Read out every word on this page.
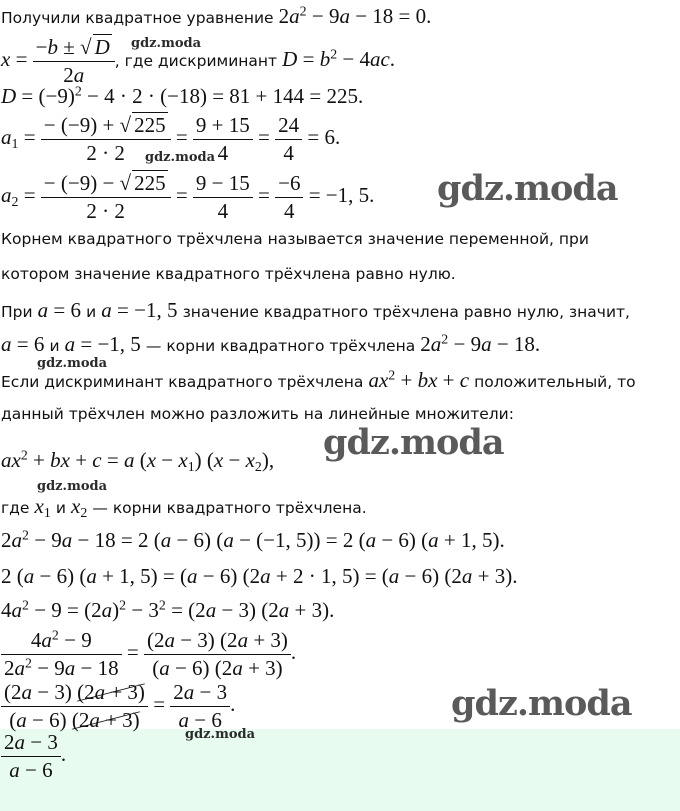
Получили квадратное уравнение $2a^2 - 9a - 18 = 0$.
$x = \frac{-b \pm √ D}{2a}$ , где дискриминант $D = b^2 - 4ac$.
$D = (-9)^2 - 4 \cdot 2 \cdot (-18) = 81 + 144 = 225$.
$a_1 = \frac{- (-9) + √ 225}{2 \cdot 2} = \frac{9 + 15}{4} = \frac{24}{4} = 6$.
$a_2 = \frac{- (-9) - √ 225}{2 \cdot 2} = \frac{9 - 15}{4} = \frac{-6}{4} = -1$, 5.
Корнем квадратного трёхчлена называется значение переменной, при
котором значение квадратного трёхчлена равно нулю.
При a = 6 и a = −1, 5 значение квадратного трёхчлена равно нулю, значит,
a = 6 и a = −1, 5 — корни квадратного трёхчлена $2a^2 - 9a - 18$.
Если дискриминант квадратного трёхчлена $ax^2$ + bx + c положительный, то
данный трёхчлен можно разложить на линейные множители:
$ax^2$ + bx + c = a $(x - x_1)$ $(x - x_2)$,
где $x_1$ и $x_2$ — корни квадратного трёхчлена.
$2a^2 - 9a - 18 = 2$ (a − 6) (a − (−1, 5)) = 2 (a − 6) (a + 1, 5).
2 (a − 6) (a + 1, 5) = (a − 6) (2a + 2 · 1, 5) = (a − 6) (2a + 3).
$4a^2 - 9 = (2a)^2 - 3^2 = (2a - 3) (2a + 3)$.
$\frac{4a^2 - 9}{2a^2 - 9a - 18} = \frac{(2a - 3) (2a + 3)}{(a - 6) (2a + 3)}$ .
$\frac{(2a - 3) (2a + 3)}{(a - 6) (2a + 3)} = \frac{2a - 3}{a - 6}$ .
$\frac{2a - 3}{a - 6}$ .
gdz.moda
gdz.moda
gdz.moda
gdz.moda
gdz.moda
gdz.moda
gdz.moda
gdz.moda
